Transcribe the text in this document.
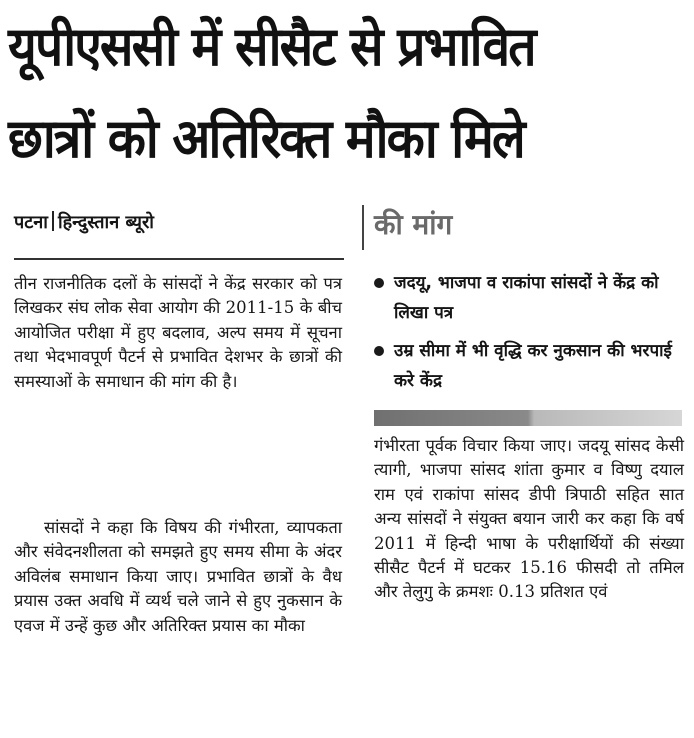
यूपीएससी में सीसैट से प्रभावित
छात्रों को अतिरिक्त मौका मिले
पटना हिन्दुस्तान ब्यूरो	की मांग
जदयू, भाजपा व राकांपा सांसदों ने केंद्र को लिखा पत्र
उम्र सीमा में भी वृद्धि कर नुकसान की भरपाई करे केंद्र

तीन राजनीतिक दलों के सांसदों ने केंद्र सरकार को पत्र लिखकर संघ लोक सेवा आयोग की 2011-15 के बीच आयोजित परीक्षा में हुए बदलाव, अल्प समय में सूचना तथा भेदभावपूर्ण पैटर्न से प्रभावित देशभर के छात्रों की समस्याओं के समाधान की मांग की है।

सांसदों ने कहा कि विषय की गंभीरता, व्यापकता और संवेदनशीलता को समझते हुए समय सीमा के अंदर अविलंब समाधान किया जाए। प्रभावित छात्रों के वैध प्रयास उक्त अवधि में व्यर्थ चले जाने से हुए नुकसान के एवज में उन्हें कुछ और अतिरिक्त प्रयास का मौका

गंभीरता पूर्वक विचार किया जाए। जदयू सांसद केसी त्यागी, भाजपा सांसद शांता कुमार व विष्णु दयाल राम एवं राकांपा सांसद डीपी त्रिपाठी सहित सात अन्य सांसदों ने संयुक्त बयान जारी कर कहा कि वर्ष 2011 में हिन्दी भाषा के परीक्षार्थियों की संख्या सीसैट पैटर्न में घटकर 15.16 फीसदी तो तमिल और तेलुगु के क्रमशः 0.13 प्रतिशत एवं
